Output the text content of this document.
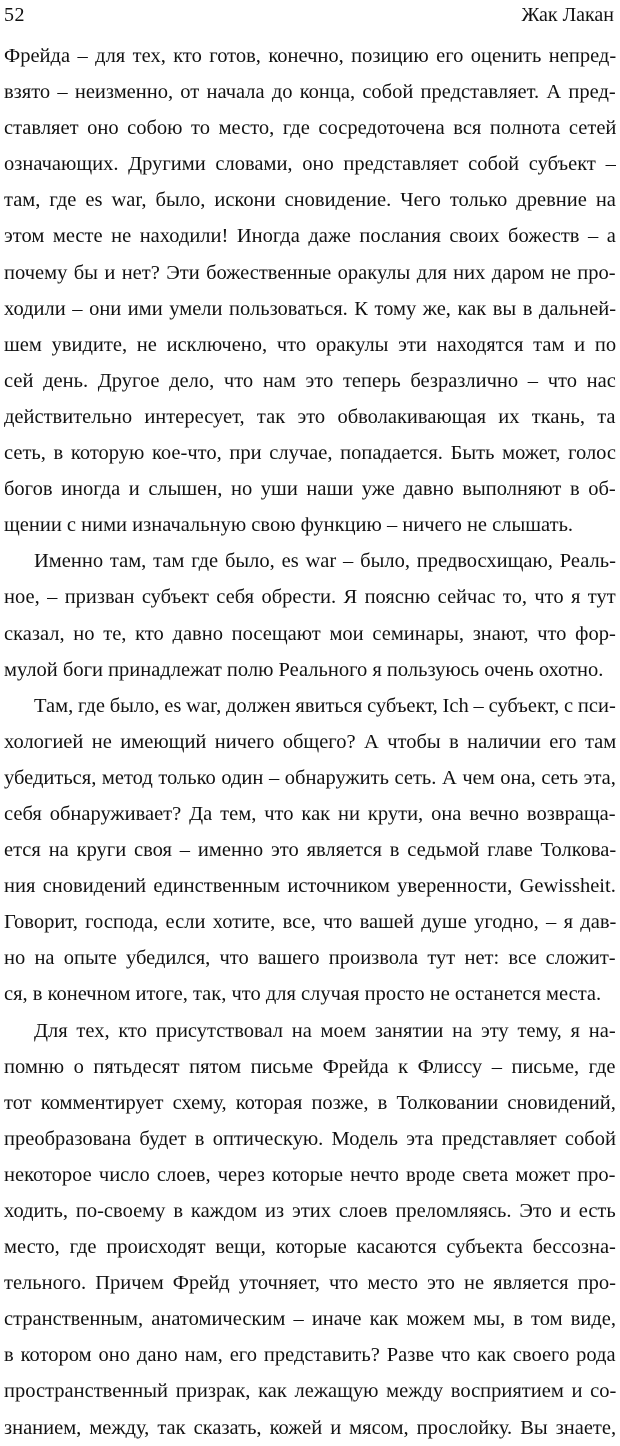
52	Жак Лакан
Фрейда – для тех, кто готов, конечно, позицию его оценить непред-
взято – неизменно, от начала до конца, собой представляет. А пред-
ставляет оно собою то место, где сосредоточена вся полнота сетей
означающих. Другими словами, оно представляет собой субъект –
там, где es war, было, искони сновидение. Чего только древние на
этом месте не находили! Иногда даже послания своих божеств – а
почему бы и нет? Эти божественные оракулы для них даром не про-
ходили – они ими умели пользоваться. К тому же, как вы в дальней-
шем увидите, не исключено, что оракулы эти находятся там и по
сей день. Другое дело, что нам это теперь безразлично – что нас
действительно интересует, так это обволакивающая их ткань, та
сеть, в которую кое-что, при случае, попадается. Быть может, голос
богов иногда и слышен, но уши наши уже давно выполняют в об-
щении с ними изначальную свою функцию – ничего не слышать.
Именно там, там где было, es war – было, предвосхищаю, Реаль-
ное, – призван субъект себя обрести. Я поясню сейчас то, что я тут
сказал, но те, кто давно посещают мои семинары, знают, что фор-
мулой боги принадлежат полю Реального я пользуюсь очень охотно.
Там, где было, es war, должен явиться субъект, Ich – субъект, с пси-
хологией не имеющий ничего общего? А чтобы в наличии его там
убедиться, метод только один – обнаружить сеть. А чем она, сеть эта,
себя обнаруживает? Да тем, что как ни крути, она вечно возвраща-
ется на круги своя – именно это является в седьмой главе Толкова-
ния сновидений единственным источником уверенности, Gewissheit.
Говорит, господа, если хотите, все, что вашей душе угодно, – я дав-
но на опыте убедился, что вашего произвола тут нет: все сложит-
ся, в конечном итоге, так, что для случая просто не останется места.
Для тех, кто присутствовал на моем занятии на эту тему, я на-
помню о пятьдесят пятом письме Фрейда к Флиссу – письме, где
тот комментирует схему, которая позже, в Толковании сновидений,
преобразована будет в оптическую. Модель эта представляет собой
некоторое число слоев, через которые нечто вроде света может про-
ходить, по-своему в каждом из этих слоев преломляясь. Это и есть
место, где происходят вещи, которые касаются субъекта бессозна-
тельного. Причем Фрейд уточняет, что место это не является про-
странственным, анатомическим – иначе как можем мы, в том виде,
в котором оно дано нам, его представить? Разве что как своего рода
пространственный призрак, как лежащую между восприятием и со-
знанием, между, так сказать, кожей и мясом, прослойку. Вы знаете,
